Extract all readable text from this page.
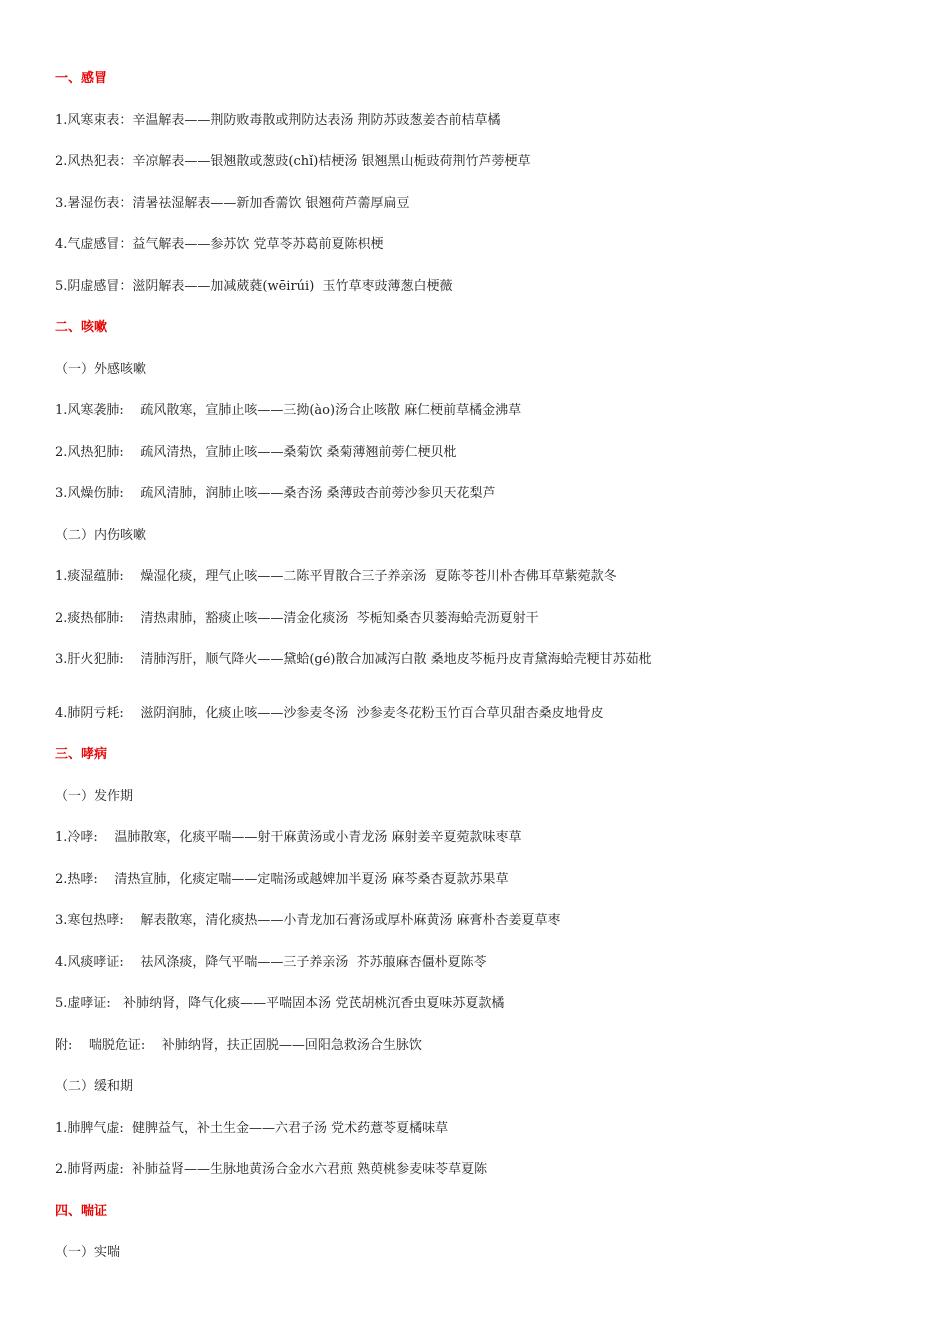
一、感冒
1.风寒束表：辛温解表——荆防败毒散或荆防达表汤 荆防苏豉葱姜杏前桔草橘
2.风热犯表：辛凉解表——银翘散或葱豉(chǐ)桔梗汤 银翘黑山栀豉荷荆竹芦蒡梗草
3.暑湿伤表：清暑祛湿解表——新加香薷饮 银翘荷芦薷厚扁豆
4.气虚感冒：益气解表——参苏饮 党草苓苏葛前夏陈枳梗
5.阴虚感冒：滋阴解表——加减葳蕤(wēirúi)  玉竹草枣豉薄葱白梗薇
二、咳嗽
（一）外感咳嗽
1.风寒袭肺:    疏风散寒，宣肺止咳——三拗(ào)汤合止咳散 麻仁梗前草橘金沸草
2.风热犯肺:    疏风清热，宣肺止咳——桑菊饮 桑菊薄翘前蒡仁梗贝枇
3.风燥伤肺:    疏风清肺，润肺止咳——桑杏汤 桑薄豉杏前蒡沙参贝天花梨芦
（二）内伤咳嗽
1.痰湿蕴肺:    燥湿化痰，理气止咳——二陈平胃散合三子养亲汤  夏陈苓苍川朴杏佛耳草紫菀款冬
2.痰热郁肺:    清热肃肺，豁痰止咳——清金化痰汤  芩栀知桑杏贝蒌海蛤壳沥夏射干
3.肝火犯肺:    清肺泻肝，顺气降火——黛蛤(gé)散合加减泻白散 桑地皮芩栀丹皮青黛海蛤壳粳甘苏茹枇
4.肺阴亏耗:    滋阴润肺，化痰止咳——沙参麦冬汤  沙参麦冬花粉玉竹百合草贝甜杏桑皮地骨皮
三、哮病
（一）发作期
1.冷哮:    温肺散寒，化痰平喘——射干麻黄汤或小青龙汤 麻射姜辛夏菀款味枣草
2.热哮:    清热宣肺，化痰定喘——定喘汤或越婢加半夏汤 麻芩桑杏夏款苏果草
3.寒包热哮:    解表散寒，清化痰热——小青龙加石膏汤或厚朴麻黄汤 麻膏朴杏姜夏草枣
4.风痰哮证:    祛风涤痰，降气平喘——三子养亲汤  芥苏菔麻杏僵朴夏陈苓
5.虚哮证:   补肺纳肾，降气化痰——平喘固本汤 党芪胡桃沉香虫夏味苏夏款橘
附:    喘脱危证:    补肺纳肾，扶正固脱——回阳急救汤合生脉饮
（二）缓和期
1.肺脾气虚:  健脾益气，补土生金——六君子汤 党术药薏苓夏橘味草
2.肺肾两虚:  补肺益肾——生脉地黄汤合金水六君煎 熟萸桃参麦味苓草夏陈
四、喘证
（一）实喘
